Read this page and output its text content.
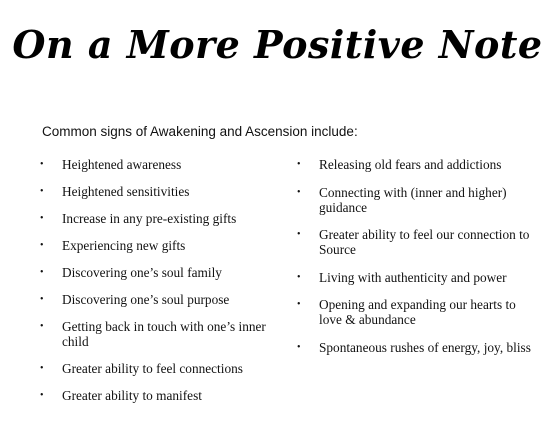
On a More Positive Note
Common signs of Awakening and Ascension include:
• Heightened awareness
• Heightened sensitivities
• Increase in any pre-existing gifts
• Experiencing new gifts
• Discovering one’s soul family
• Discovering one’s soul purpose
• Getting back in touch with one’s inner child
• Greater ability to feel connections
• Greater ability to manifest
• Releasing old fears and addictions
• Connecting with (inner and higher) guidance
• Greater ability to feel our connection to Source
• Living with authenticity and power
• Opening and expanding our hearts to love & abundance
• Spontaneous rushes of energy, joy, bliss
